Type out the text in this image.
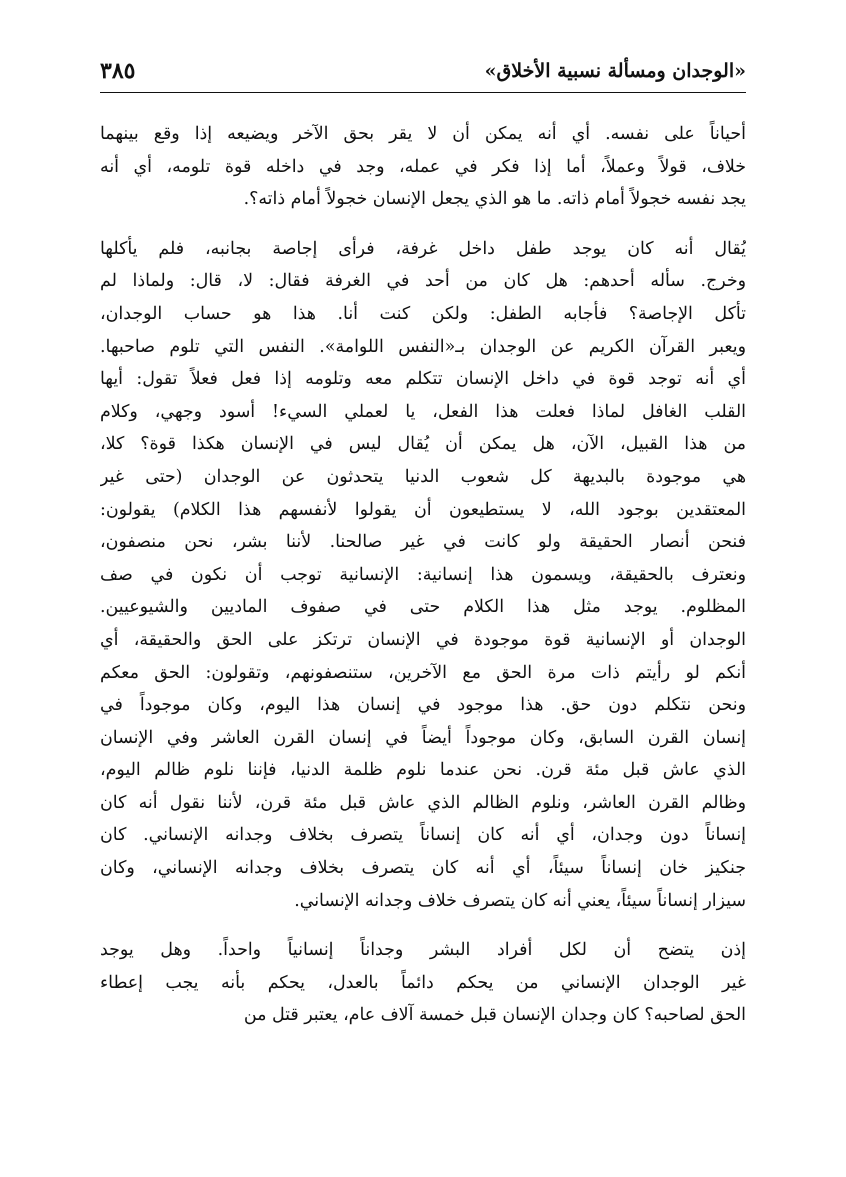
«الوجدان ومسألة نسبية الأخلاق»
٣٨٥

أحياناً على نفسه. أي أنه يمكن أن لا يقر بحق الآخر ويضيعه إذا وقع بينهما
خلاف، قولاً وعملاً، أما إذا فكر في عمله، وجد في داخله قوة تلومه، أي أنه
يجد نفسه خجولاً أمام ذاته. ما هو الذي يجعل الإنسان خجولاً أمام ذاته؟.

يُقال أنه كان يوجد طفل داخل غرفة، فرأى إجاصة بجانبه، فلم يأكلها
وخرج. سأله أحدهم: هل كان من أحد في الغرفة فقال: لا، قال: ولماذا لم
تأكل الإجاصة؟ فأجابه الطفل: ولكن كنت أنا. هذا هو حساب الوجدان،
ويعبر القرآن الكريم عن الوجدان بـ«النفس اللوامة». النفس التي تلوم صاحبها.
أي أنه توجد قوة في داخل الإنسان تتكلم معه وتلومه إذا فعل فعلاً تقول: أيها
القلب الغافل لماذا فعلت هذا الفعل، يا لعملي السيء! أسود وجهي، وكلام
من هذا القبيل، الآن، هل يمكن أن يُقال ليس في الإنسان هكذا قوة؟ كلا،
هي موجودة بالبديهة كل شعوب الدنيا يتحدثون عن الوجدان (حتى غير
المعتقدين بوجود الله، لا يستطيعون أن يقولوا لأنفسهم هذا الكلام) يقولون:
فنحن أنصار الحقيقة ولو كانت في غير صالحنا. لأننا بشر، نحن منصفون،
ونعترف بالحقيقة، ويسمون هذا إنسانية: الإنسانية توجب أن نكون في صف
المظلوم. يوجد مثل هذا الكلام حتى في صفوف الماديين والشيوعيين.
الوجدان أو الإنسانية قوة موجودة في الإنسان ترتكز على الحق والحقيقة، أي
أنكم لو رأيتم ذات مرة الحق مع الآخرين، ستنصفونهم، وتقولون: الحق معكم
ونحن نتكلم دون حق. هذا موجود في إنسان هذا اليوم، وكان موجوداً في
إنسان القرن السابق، وكان موجوداً أيضاً في إنسان القرن العاشر وفي الإنسان
الذي عاش قبل مئة قرن. نحن عندما نلوم ظلمة الدنيا، فإننا نلوم ظالم اليوم،
وظالم القرن العاشر، ونلوم الظالم الذي عاش قبل مئة قرن، لأننا نقول أنه كان
إنساناً دون وجدان، أي أنه كان إنساناً يتصرف بخلاف وجدانه الإنساني. كان
جنكيز خان إنساناً سيئاً، أي أنه كان يتصرف بخلاف وجدانه الإنساني، وكان
سيزار إنساناً سيئاً، يعني أنه كان يتصرف خلاف وجدانه الإنساني.

إذن يتضح أن لكل أفراد البشر وجداناً إنسانياً واحداً. وهل يوجد
غير الوجدان الإنساني من يحكم دائماً بالعدل، يحكم بأنه يجب إعطاء
الحق لصاحبه؟ كان وجدان الإنسان قبل خمسة آلاف عام، يعتبر قتل من
